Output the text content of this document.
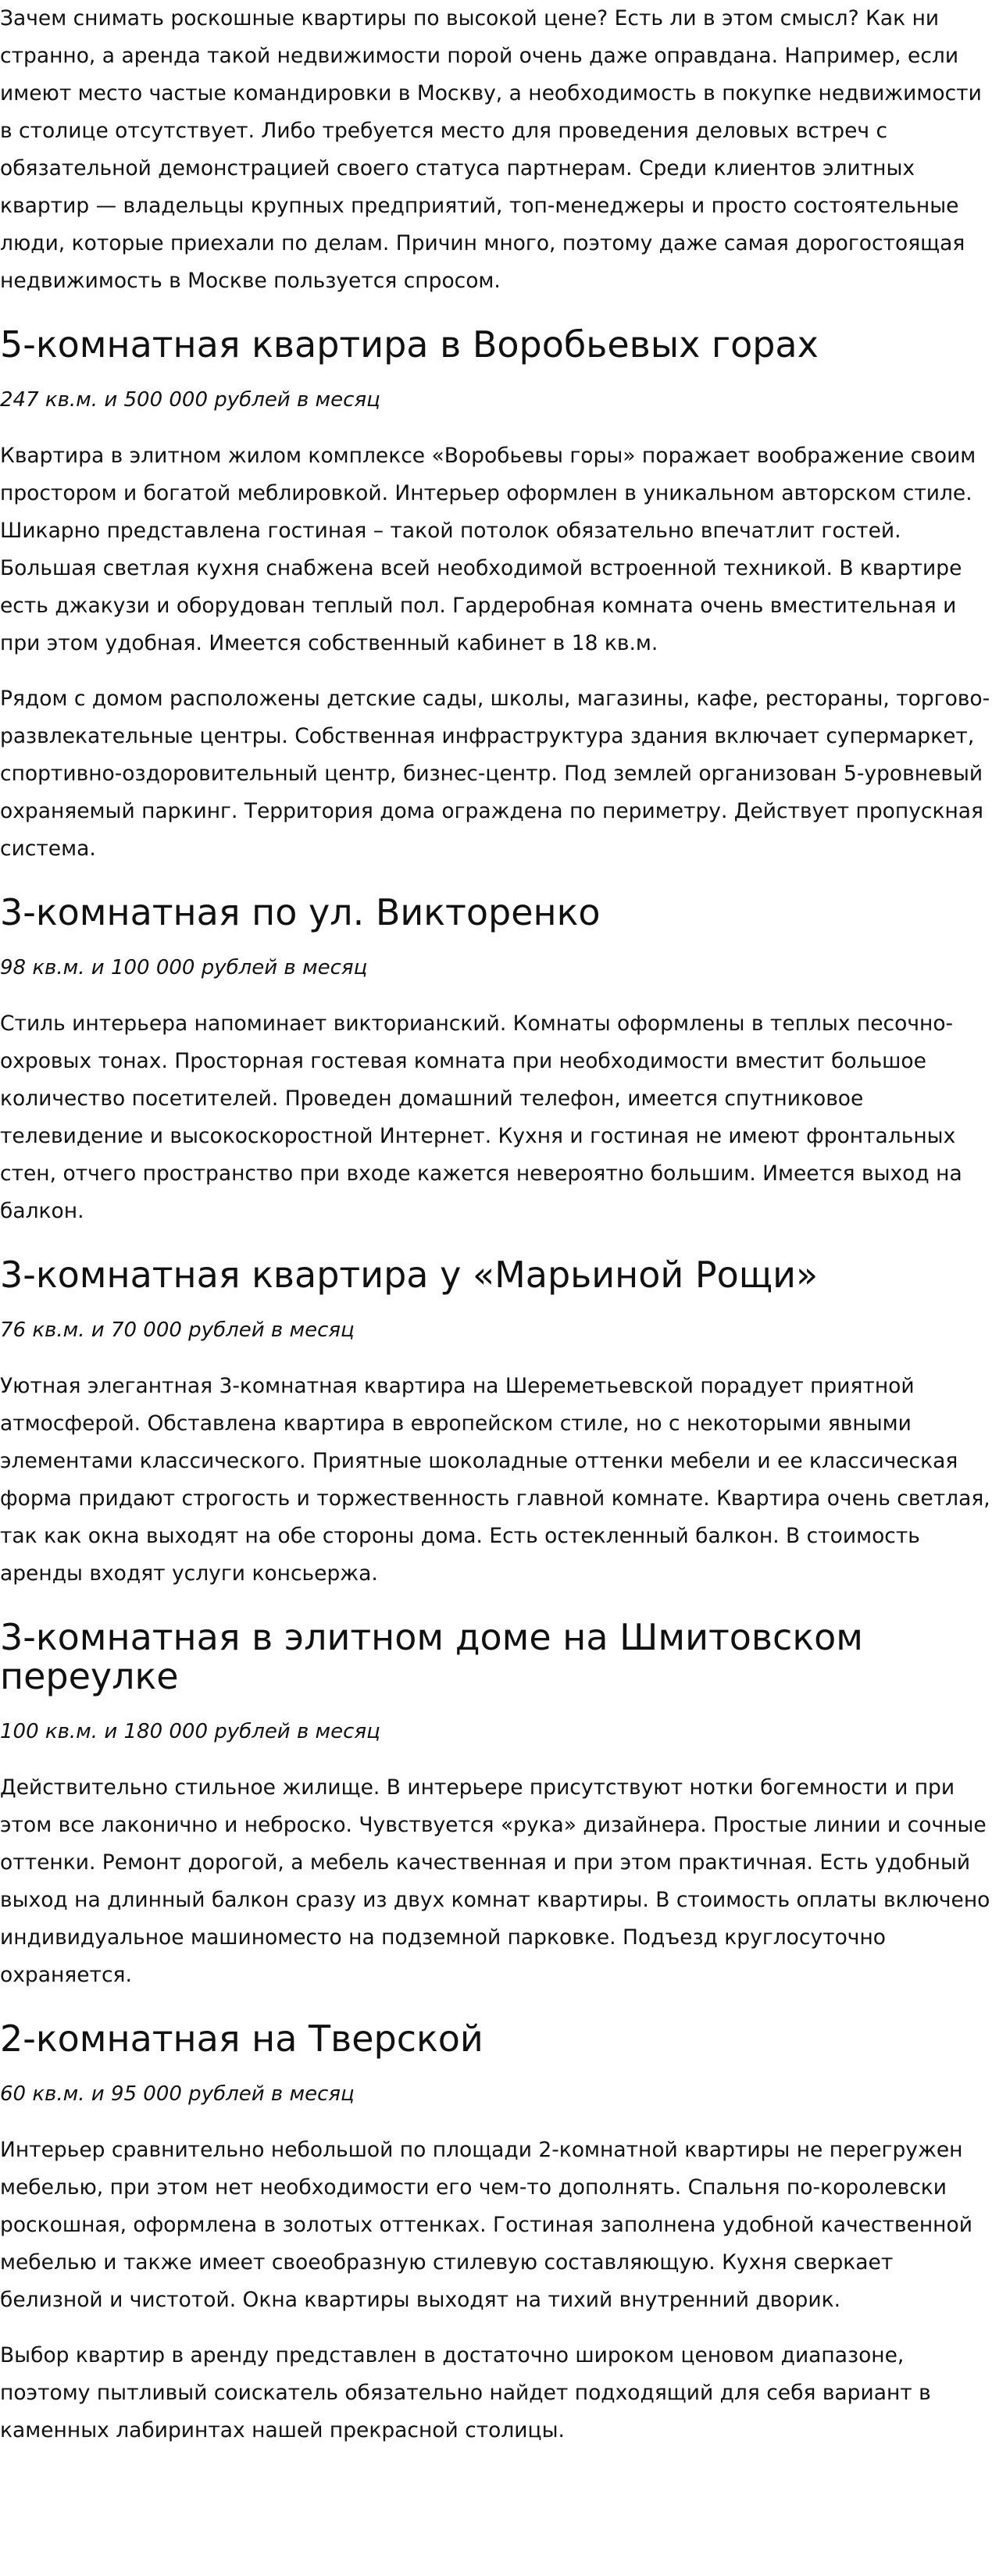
Зачем снимать роскошные квартиры по высокой цене? Есть ли в этом смысл? Как ни странно, а аренда такой недвижимости порой очень даже оправдана. Например, если имеют место частые командировки в Москву, а необходимость в покупке недвижимости в столице отсутствует. Либо требуется место для проведения деловых встреч с обязательной демонстрацией своего статуса партнерам. Среди клиентов элитных квартир — владельцы крупных предприятий, топ-менеджеры и просто состоятельные люди, которые приехали по делам. Причин много, поэтому даже самая дорогостоящая недвижимость в Москве пользуется спросом.

5-комнатная квартира в Воробьевых горах

247 кв.м. и 500 000 рублей в месяц

Квартира в элитном жилом комплексе «Воробьевы горы» поражает воображение своим простором и богатой меблировкой. Интерьер оформлен в уникальном авторском стиле. Шикарно представлена гостиная – такой потолок обязательно впечатлит гостей. Большая светлая кухня снабжена всей необходимой встроенной техникой. В квартире есть джакузи и оборудован теплый пол. Гардеробная комната очень вместительная и при этом удобная. Имеется собственный кабинет в 18 кв.м.

Рядом с домом расположены детские сады, школы, магазины, кафе, рестораны, торгово-развлекательные центры. Собственная инфраструктура здания включает супермаркет, спортивно-оздоровительный центр, бизнес-центр. Под землей организован 5-уровневый охраняемый паркинг. Территория дома ограждена по периметру. Действует пропускная система.

3-комнатная по ул. Викторенко

98 кв.м. и 100 000 рублей в месяц

Стиль интерьера напоминает викторианский. Комнаты оформлены в теплых песочно-охровых тонах. Просторная гостевая комната при необходимости вместит большое количество посетителей. Проведен домашний телефон, имеется спутниковое телевидение и высокоскоростной Интернет. Кухня и гостиная не имеют фронтальных стен, отчего пространство при входе кажется невероятно большим. Имеется выход на балкон.

3-комнатная квартира у «Марьиной Рощи»

76 кв.м. и 70 000 рублей в месяц

Уютная элегантная 3-комнатная квартира на Шереметьевской порадует приятной атмосферой. Обставлена квартира в европейском стиле, но с некоторыми явными элементами классического. Приятные шоколадные оттенки мебели и ее классическая форма придают строгость и торжественность главной комнате. Квартира очень светлая, так как окна выходят на обе стороны дома. Есть остекленный балкон. В стоимость аренды входят услуги консьержа.

3-комнатная в элитном доме на Шмитовском переулке

100 кв.м. и 180 000 рублей в месяц

Действительно стильное жилище. В интерьере присутствуют нотки богемности и при этом все лаконично и неброско. Чувствуется «рука» дизайнера. Простые линии и сочные оттенки. Ремонт дорогой, а мебель качественная и при этом практичная. Есть удобный выход на длинный балкон сразу из двух комнат квартиры. В стоимость оплаты включено индивидуальное машиноместо на подземной парковке. Подъезд круглосуточно охраняется.

2-комнатная на Тверской

60 кв.м. и 95 000 рублей в месяц

Интерьер сравнительно небольшой по площади 2-комнатной квартиры не перегружен мебелью, при этом нет необходимости его чем-то дополнять. Спальня по-королевски роскошная, оформлена в золотых оттенках. Гостиная заполнена удобной качественной мебелью и также имеет своеобразную стилевую составляющую. Кухня сверкает белизной и чистотой. Окна квартиры выходят на тихий внутренний дворик.

Выбор квартир в аренду представлен в достаточно широком ценовом диапазоне, поэтому пытливый соискатель обязательно найдет подходящий для себя вариант в каменных лабиринтах нашей прекрасной столицы.
